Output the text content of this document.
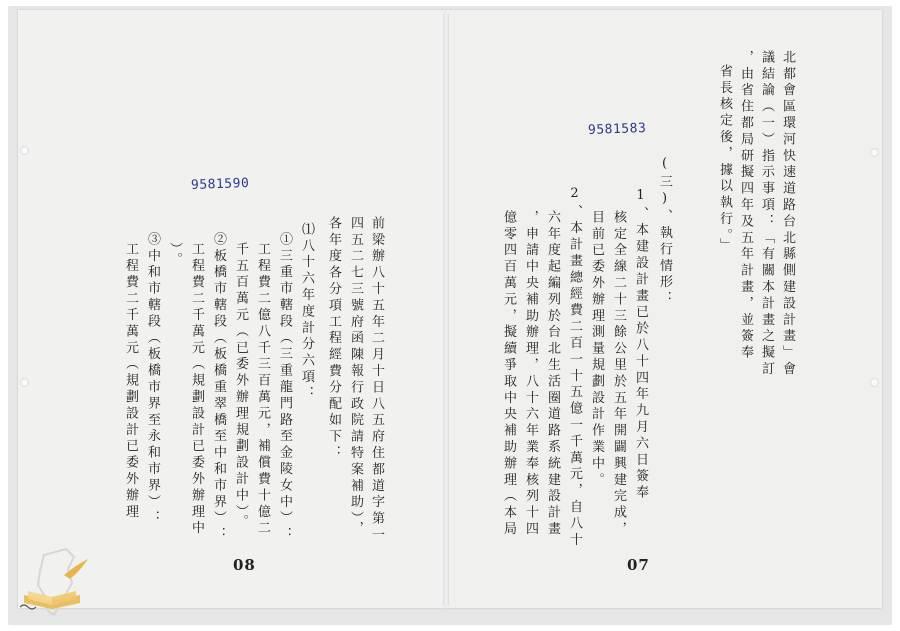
9581590
前梁辦八十五年二月十日八五府住都道字第一
四五二七三號府函陳報行政院請特案補助），
各年度各分項工程經費分配如下：
⑴八十六年度計分六項：
①三重市轄段（三重龍門路至金陵女中）：
工程費二億八千三百萬元，補償費十億二
千五百萬元（已委外辦理規劃設計中）。
②板橋市轄段（板橋重翠橋至中和市界）：
工程費二千萬元（規劃設計已委外辦理中
）。
③中和市轄段（板橋市界至永和市界）：
工程費二千萬元（規劃設計已委外辦理
08
9581583	北都會區環河快速道路台北縣側建設計畫」會
議結論（一）指示事項：「有關本計畫之擬訂
，由省住都局研擬四年及五年計畫，並簽奉
省長核定後，據以執行。」
(三)、執行情形：
1、本建設計畫已於八十四年九月六日簽奉
核定全線二十三餘公里於五年開闢興建完成，
目前已委外辦理測量規劃設計作業中。
2、本計畫總經費二百一十五億一千萬元，自八十
六年度起編列於台北生活圈道路系統建設計畫
，申請中央補助辦理，八十六年業奉核列十四
億零四百萬元，擬續爭取中央補助辦理（本局
07
